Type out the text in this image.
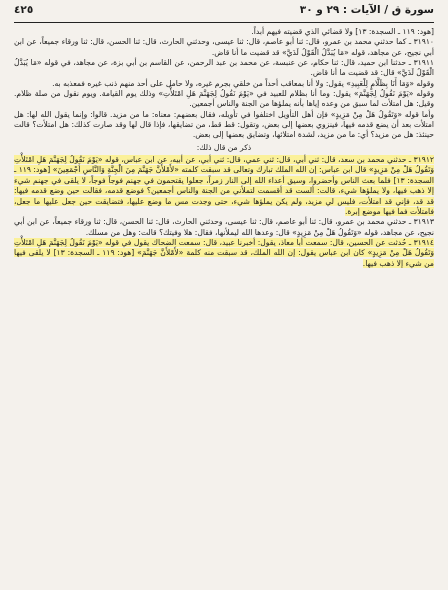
سورة ق / الآيات : ٢٩ و ٣٠
٤٢٥

[هود: ١١٩ ـ السجدة: ١٣] ولا قضائي الذي قضيته فيهم أبداً.

٣١٩١٠ ـ كما حدثني محمد بن عمرو، قال: ثنا أبو عاصم، قال: ثنا عيسى، وحدثني الحارث، قال: ثنا الحسن، قال: ثنا ورقاء جميعاً، عن ابن أبي نجيح، عن مجاهد، قوله «مَا يُبَدَّلُ الْقَوْلُ لَدَيَّ» قد قضيت ما أنا قاض.

٣١٩١١ ـ حدثنا ابن حميد، قال: ثنا حكام، عن عنبسة، عن محمد بن عبد الرحمن، عن القاسم بن أبي بزة، عن مجاهد، في قوله «مَا يُبَدَّلُ الْقَوْلُ لَدَيَّ» قال: قد قضيت ما أنا قاض.

وقوله «وَمَا أَنَا بِظَلَّامٍ لِلْعَبِيدِ» يقول: ولا أنا بمعاقب أحداً من خلقي بجرم غيره، ولا حامل على أحد منهم ذنب غيره فمعذبه به.

وقوله «يَوْمَ نَقُولُ لِجَهَنَّمَ» يقول: وما أنا بظلام للعبيد في «يَوْمَ نَقُولُ لِجَهَنَّمَ هَلِ امْتَلأْتِ» وذلك يوم القيامة. ويوم نقول من صلة ظلام. وقيل: هل امتلأت لما سبق من وعده إياها بأنه يملؤها من الجنة والناس أجمعين.

وأما قوله «وَتَقُولُ هَلْ مِنْ مَزِيدٍ» فإن أهل التأويل اختلفوا في تأويله، فقال بعضهم: معناه: ما من مزيد. قالوا: وإنما يقول الله لها: هل امتلأت بعد أن يضع قدمه فيها، فينزوي بعضها إلى بعض، وتقول: قط قط، من تضايقها، فإذا قال لها وقد صارت كذلك: هل امتلأت؟ قالت حينئذ: هل من مزيد؟ أي: ما من مزيد، لشدة امتلائها، وتضايق بعضها إلى بعض.

ذكر من قال ذلك:

٣١٩١٢ ـ حدثني محمد بن سعد، قال: ثني أبي، قال: ثني عمي، قال: ثني أبي، عن أبيه، عن ابن عباس، قوله «يَوْمَ نَقُولُ لِجَهَنَّمَ هَلِ امْتَلأْتِ وَتَقُولُ هَلْ مِنْ مَزِيدٍ» قال ابن عباس: إن الله الملك تبارك وتعالى قد سبقت كلمته «لأَمْلأَنَّ جَهَنَّمَ مِنَ الْجِنَّةِ وَالنَّاسِ أَجْمَعِينَ» [هود: ١١٩ ـ السجدة: ١٣] فلما بعث الناس وأحضروا، وسيق أعداء الله إلى النار زمراً، جعلوا يقتحمون في جهنم فوجاً فوجاً، لا يلقى في جهنم شيء إلا ذهب فيها، ولا يملؤها شيء، قالت: ألست قد أقسمت لتملأني من الجنة والناس أجمعين؟ فوضع قدمه، فقالت حين وضع قدمه فيها: قد قد، فإني قد امتلأت، فليس لي مزيد، ولم يكن يملؤها شيء، حتى وجدت مس ما وضع عليها، فتضايقت حين جعل عليها ما جعل، فامتلأت فما فيها موضع إبرة.

٣١٩١٣ ـ حدثني محمد بن عمرو، قال: ثنا أبو عاصم، قال: ثنا عيسى، وحدثني الحارث، قال: ثنا الحسن، قال: ثنا ورقاء جميعاً، عن ابن أبي نجيح، عن مجاهد، قوله «وَتَقُولُ هَلْ مِنْ مَزِيدٍ» قال: وعدها الله ليملأنها، فقال: هلا وفيتك؟ قالت: وهل من مسلك.

٣١٩١٤ ـ حُدثت عن الحسين، قال: سمعت أبا معاذ، يقول: أخبرنا عبيد، قال: سمعت الضحاك يقول في قوله «يَوْمَ نَقُولُ لِجَهَنَّمَ هَلِ امْتَلأْتِ وَتَقُولُ هَلْ مِنْ مَزِيدٍ» كان ابن عباس يقول: إن الله الملك، قد سبقت منه كلمة «لأَمْلأَنَّ جَهَنَّمَ» [هود: ١١٩ ـ السجدة: ١٣] لا يلقى فيها من شيء إلا ذهب فيها.
